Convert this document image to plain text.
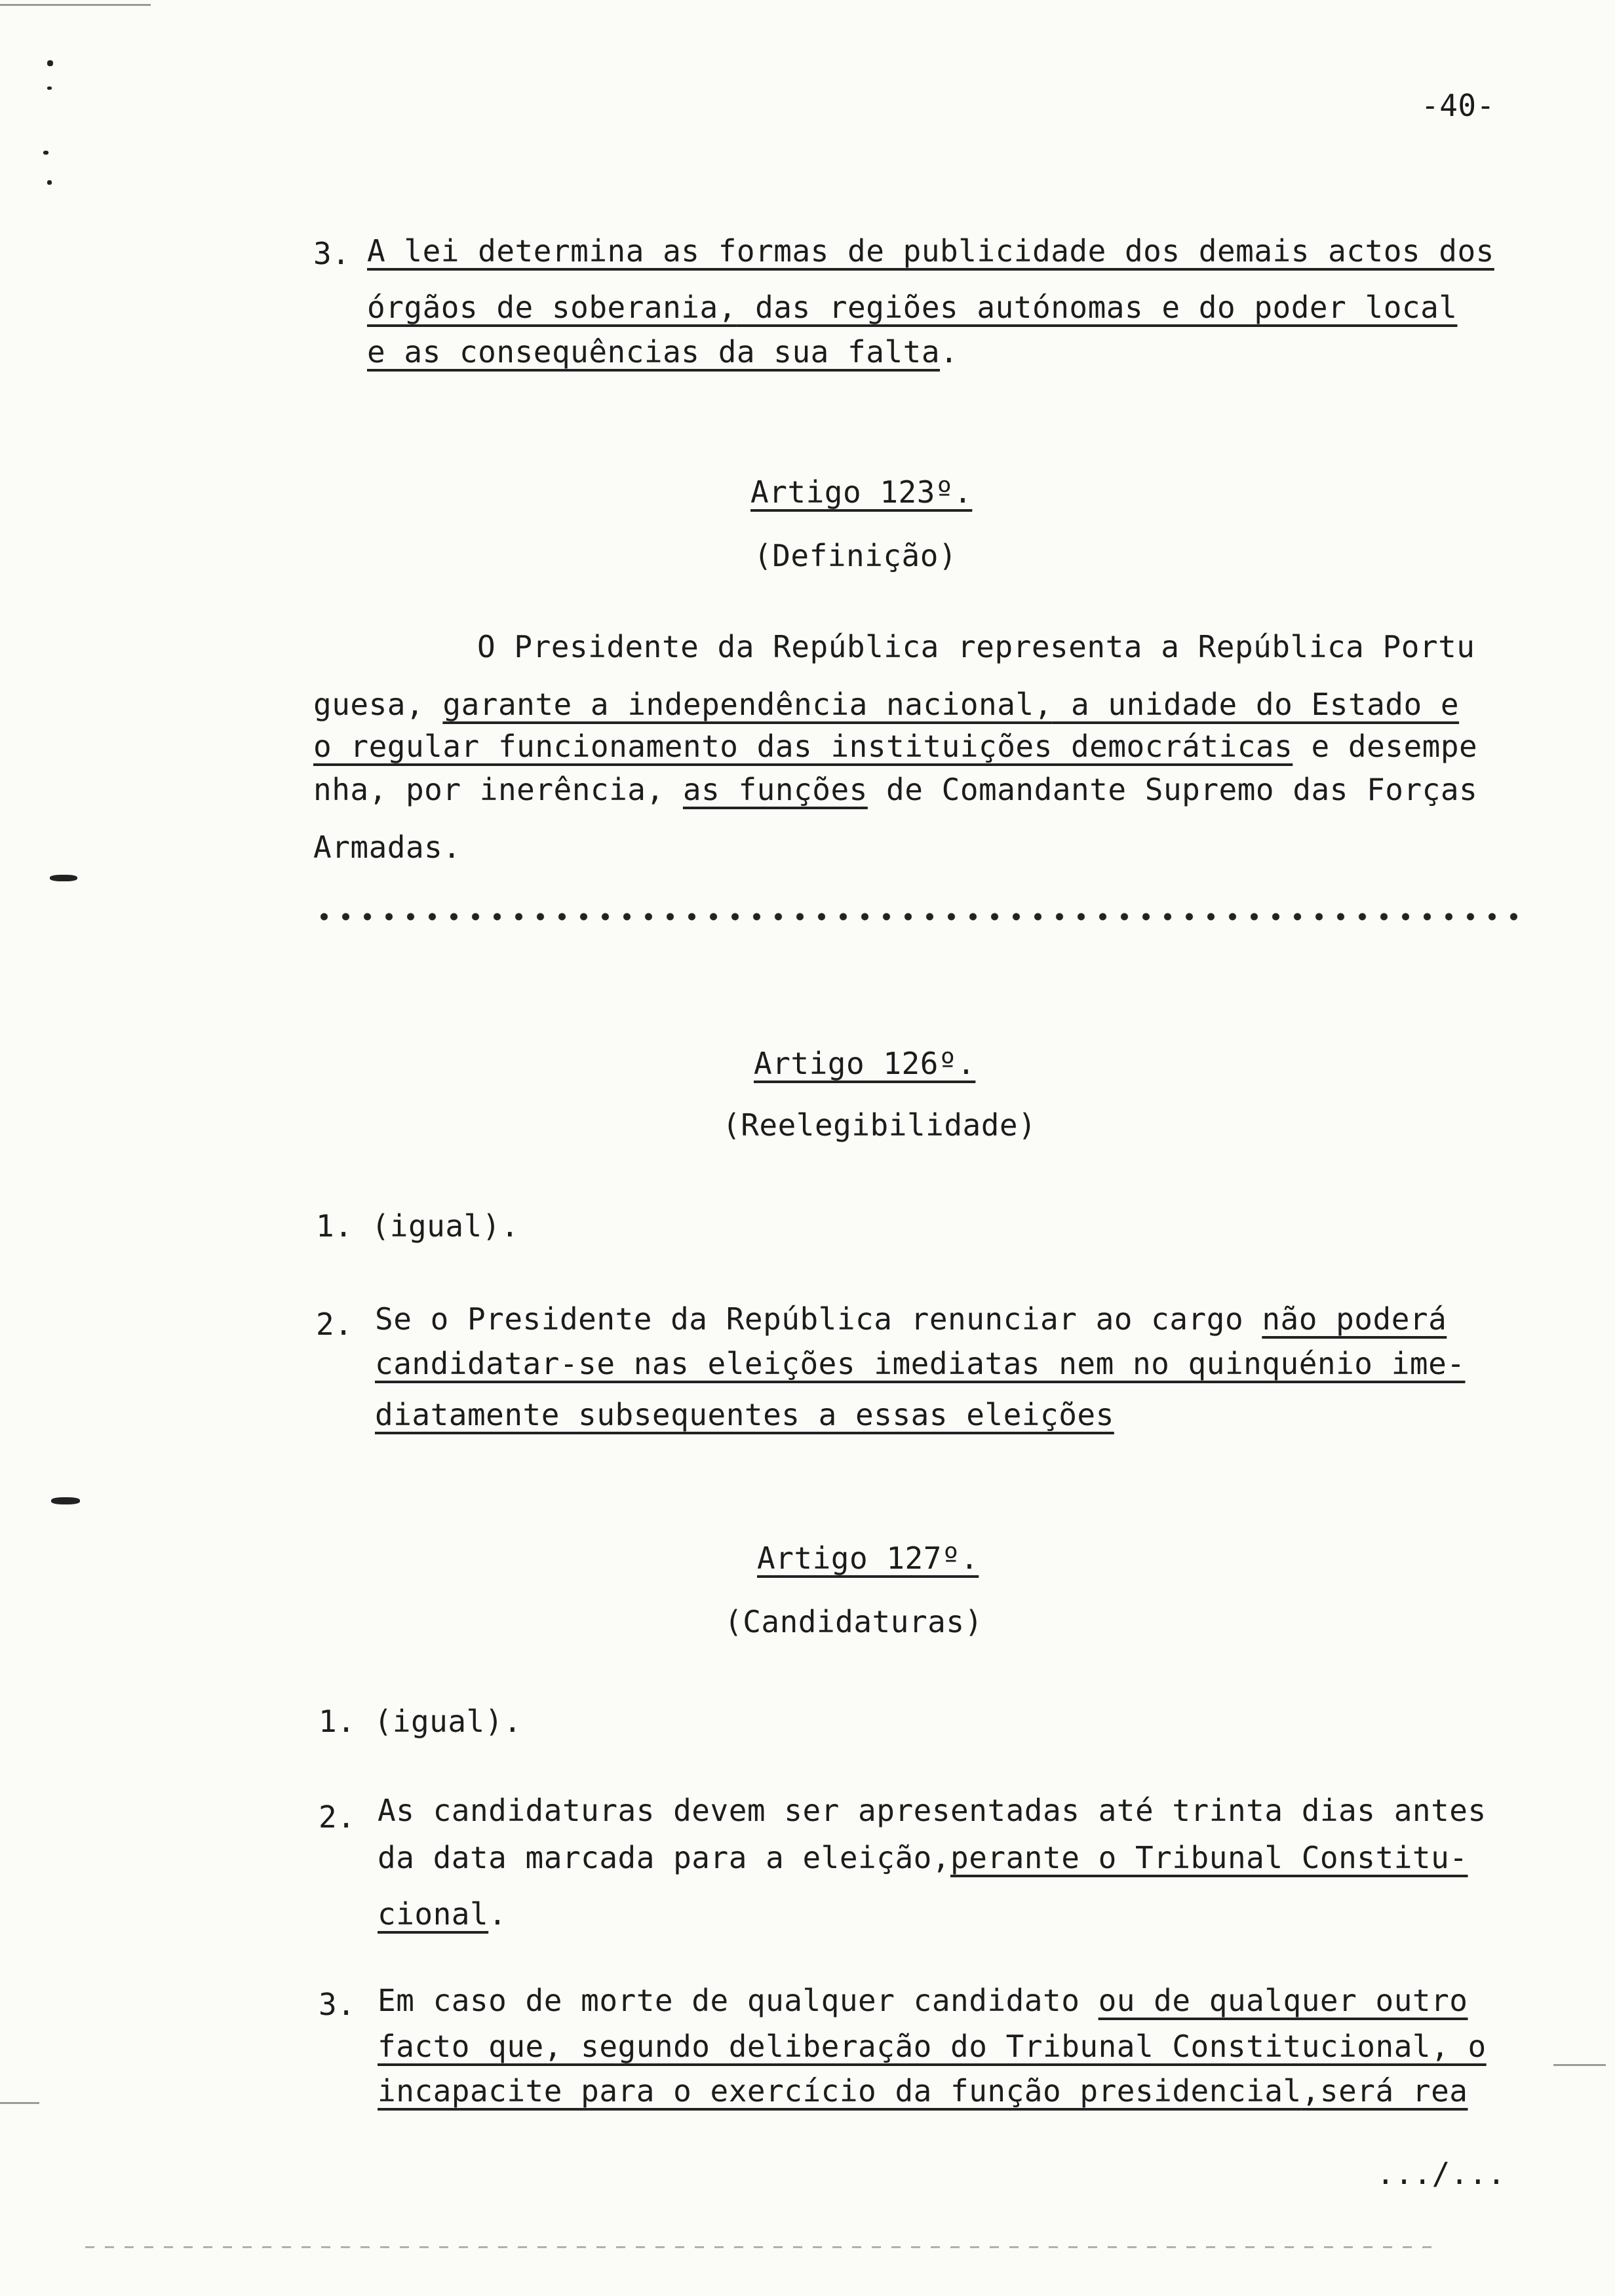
-40-
3. A lei determina as formas de publicidade dos demais actos dos
órgãos de soberania, das regiões autónomas e do poder local
e as consequências da sua falta.
Artigo 123º.
(Definição)
O Presidente da República representa a República Portu
guesa, garante a independência nacional, a unidade do Estado e
o regular funcionamento das instituições democráticas e desempe
nha, por inerência, as funções de Comandante Supremo das Forças
Armadas.
Artigo 126º.
(Reelegibilidade)
1. (igual).
2. Se o Presidente da República renunciar ao cargo não poderá
candidatar-se nas eleições imediatas nem no quinquénio ime-
diatamente subsequentes a essas eleições
Artigo 127º.
(Candidaturas)
1. (igual).
2. As candidaturas devem ser apresentadas até trinta dias antes
da data marcada para a eleição,perante o Tribunal Constitu-
cional.
3. Em caso de morte de qualquer candidato ou de qualquer outro
facto que, segundo deliberação do Tribunal Constitucional, o
incapacite para o exercício da função presidencial,será rea
.../...
